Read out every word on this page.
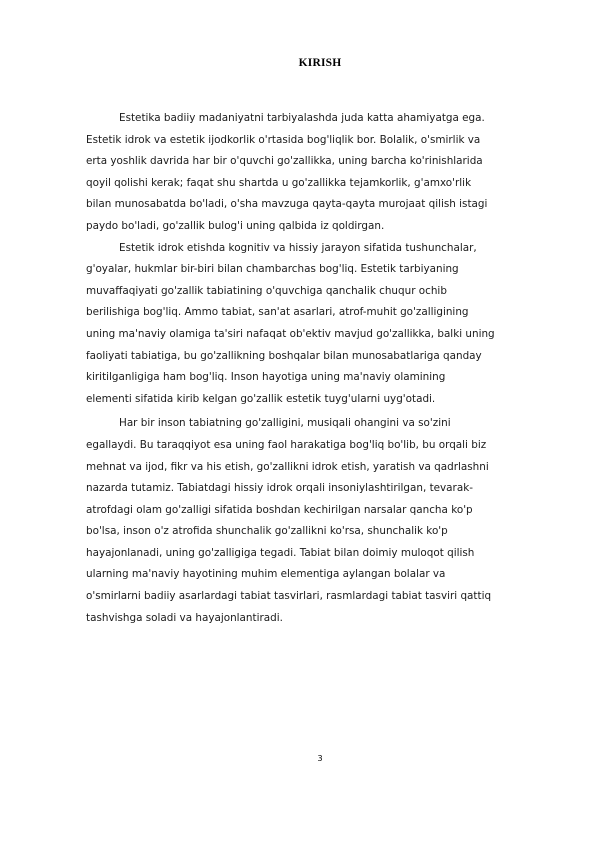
KIRISH
Estetika badiiy madaniyatni tarbiyalashda juda katta ahamiyatga ega.
Estetik idrok va estetik ijodkorlik o'rtasida bog'liqlik bor. Bolalik, o'smirlik va
erta yoshlik davrida har bir o'quvchi go'zallikka, uning barcha ko'rinishlarida
qoyil qolishi kerak; faqat shu shartda u go'zallikka tejamkorlik, g'amxo'rlik
bilan munosabatda bo'ladi, o'sha mavzuga qayta-qayta murojaat qilish istagi
paydo bo'ladi, go'zallik bulog'i uning qalbida iz qoldirgan.
Estetik idrok etishda kognitiv va hissiy jarayon sifatida tushunchalar,
g'oyalar, hukmlar bir-biri bilan chambarchas bog'liq. Estetik tarbiyaning
muvaffaqiyati go'zallik tabiatining o'quvchiga qanchalik chuqur ochib
berilishiga bog'liq. Ammo tabiat, san'at asarlari, atrof-muhit go'zalligining
uning ma'naviy olamiga ta'siri nafaqat ob'ektiv mavjud go'zallikka, balki uning
faoliyati tabiatiga, bu go'zallikning boshqalar bilan munosabatlariga qanday
kiritilganligiga ham bog'liq. Inson hayotiga uning ma'naviy olamining
elementi sifatida kirib kelgan go'zallik estetik tuyg'ularni uyg'otadi.
Har bir inson tabiatning go'zalligini, musiqali ohangini va so'zini
egallaydi. Bu taraqqiyot esa uning faol harakatiga bog'liq bo'lib, bu orqali biz
mehnat va ijod, fikr va his etish, go'zallikni idrok etish, yaratish va qadrlashni
nazarda tutamiz. Tabiatdagi hissiy idrok orqali insoniylashtirilgan, tevarak-
atrofdagi olam go'zalligi sifatida boshdan kechirilgan narsalar qancha ko'p
bo'lsa, inson o'z atrofida shunchalik go'zallikni ko'rsa, shunchalik ko'p
hayajonlanadi, uning go'zalligiga tegadi. Tabiat bilan doimiy muloqot qilish
ularning ma'naviy hayotining muhim elementiga aylangan bolalar va
o'smirlarni badiiy asarlardagi tabiat tasvirlari, rasmlardagi tabiat tasviri qattiq
tashvishga soladi va hayajonlantiradi.
3
